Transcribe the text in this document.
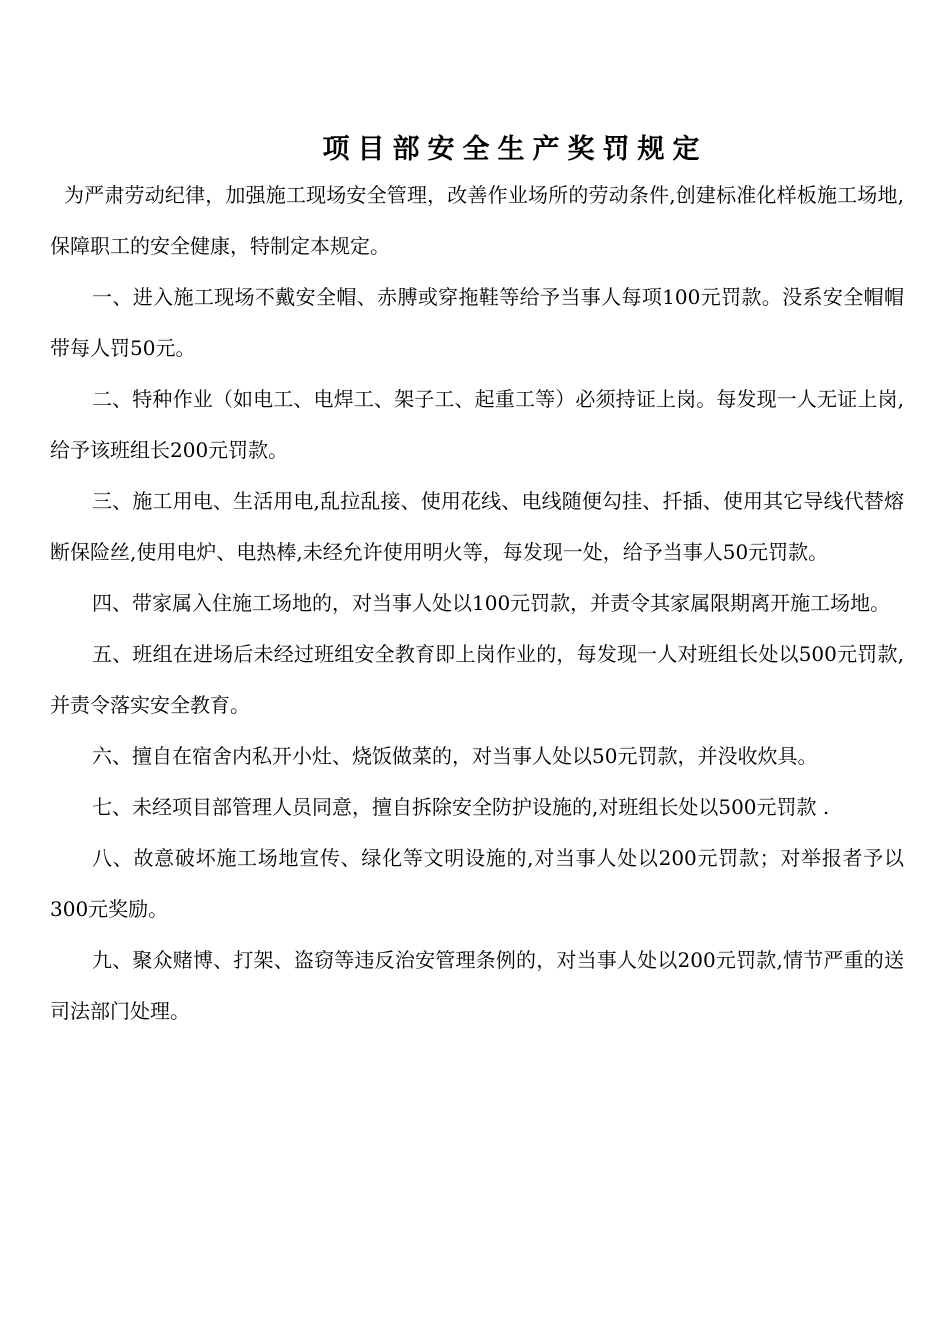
项目部安全生产奖罚规定

为严肃劳动纪律，加强施工现场安全管理，改善作业场所的劳动条件,创建标准化样板施工场地,保障职工的安全健康，特制定本规定。

一、进入施工现场不戴安全帽、赤膊或穿拖鞋等给予当事人每项100元罚款。没系安全帽帽带每人罚50元。

二、特种作业（如电工、电焊工、架子工、起重工等）必须持证上岗。每发现一人无证上岗,给予该班组长200元罚款。

三、施工用电、生活用电,乱拉乱接、使用花线、电线随便勾挂、扦插、使用其它导线代替熔断保险丝,使用电炉、电热棒,未经允许使用明火等，每发现一处，给予当事人50元罚款。

四、带家属入住施工场地的，对当事人处以100元罚款，并责令其家属限期离开施工场地。

五、班组在进场后未经过班组安全教育即上岗作业的，每发现一人对班组长处以500元罚款,并责令落实安全教育。

六、擅自在宿舍内私开小灶、烧饭做菜的，对当事人处以50元罚款，并没收炊具。

七、未经项目部管理人员同意，擅自拆除安全防护设施的,对班组长处以500元罚款 .

八、故意破坏施工场地宣传、绿化等文明设施的,对当事人处以200元罚款；对举报者予以300元奖励。

九、聚众赌博、打架、盗窃等违反治安管理条例的，对当事人处以200元罚款,情节严重的送司法部门处理。
